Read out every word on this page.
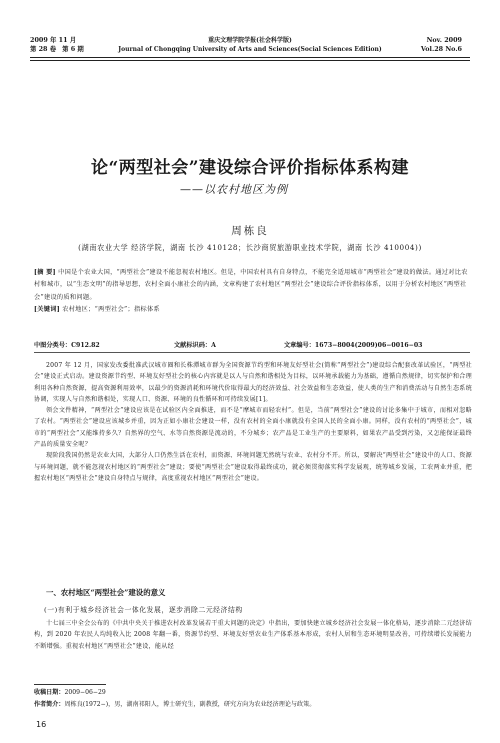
2009 年 11 月
第 28 卷 第 6 期
重庆文理学院学报(社会科学版)
Journal of Chongqing University of Arts and Sciences(Social Sciences Edition)
Nov. 2009
Vol.28 No.6
论“两型社会”建设综合评价指标体系构建
——以农村地区为例
周栋良
(湖南农业大学 经济学院，湖南 长沙 410128；长沙商贸旅游职业技术学院，湖南 长沙 410004))
[摘 要] 中国是个农业大国，“两型社会”建设不能忽视农村地区。但是，中国农村具有自身特点，不能完全适用城市“两型社会”建设的做法。通过对比农村和城市，以“生态文明”的指导思想，农村全面小康社会的内涵，文章构建了农村地区“两型社会”建设综合评价指标体系，以用于分析农村地区“两型社会”建设的质和问题。
[关键词] 农村地区；“两型社会”；指标体系
中图分类号：C912.82	文献标识码：A	文章编号：1673−8004(2009)06−0016−03

2007 年 12 月，国家发改委批准武汉城市圈和长株潭城市群为全国资源节约型和环境友好型社会(简称“两型社会”)建设综合配套改革试验区，“两型社会”建设正式启动。建设资源节约型、环境友好型社会的核心内容就是以人与自然和谐相处为目标，以环境承载能力为基础，遵循自然规律，切实保护和合理利用各种自然资源，提高资源利用效率，以最少的资源消耗和环境代价取得最大的经济效益、社会效益和生态效益，使人类的生产和消费活动与自然生态系统协调，实现人与自然和谐相处，实现人口、资源、环境的良性循环和可持续发展[1]。

领会文件精神，“两型社会”建设应该是在试验区内全面推进，而不是“摩城市而轻农村”。但是，当前“两型社会”建设的讨论多集中于城市，而相对忽略了农村。“两型社会”建设应该城乡并重，因为正如小康社会建设一样，没有农村的全面小康就没有全国人民的全面小康。同样，没有农村的“两型社会”，城市的“两型社会”又能维持多久？自然界的空气、水等自然资源是流动的，不分城乡；农产品是工业生产的主要原料，如果农产品受到污染，又怎能保证最终产品的质量安全呢？

现阶段我国仍然是农业大国，大部分人口仍然生活在农村，而资源、环境问题无然统与农业、农村分不开。所以，要解决“两型社会”建设中的人口、资源与环境问题，就不能忽视农村地区的“两型社会”建设；要使“两型社会”建设取得最终成功，就必须贯彻落实科学发展观，统筹城乡发展，工农两业并重，把握农村地区“两型社会”建设自身特点与规律，高度重视农村地区“两型社会”建设。

一、农村地区“两型社会”建设的意义
(一)有利于城乡经济社会一体化发展，逐步消除二元经济结构

十七届三中全会公布的《中共中央关于推进农村改革发展若干重大问题的决定》中指出，要加快建立城乡经济社会发展一体化格局，逐步消除二元经济结构，到 2020 年农民人均纯收入比 2008 年翻一番，资源节约型、环境友好型农业生产体系基本形成，农村人居和生态环境明显改善，可持续增长发展能力不断增强。重视农村地区“两型社会”建设，能从经

收稿日期：2009−06−29
作者简介：周栋良(1972−)，男，湖南祁阳人，博士研究生，副教授，研究方向为农业经济理论与政策。
16
